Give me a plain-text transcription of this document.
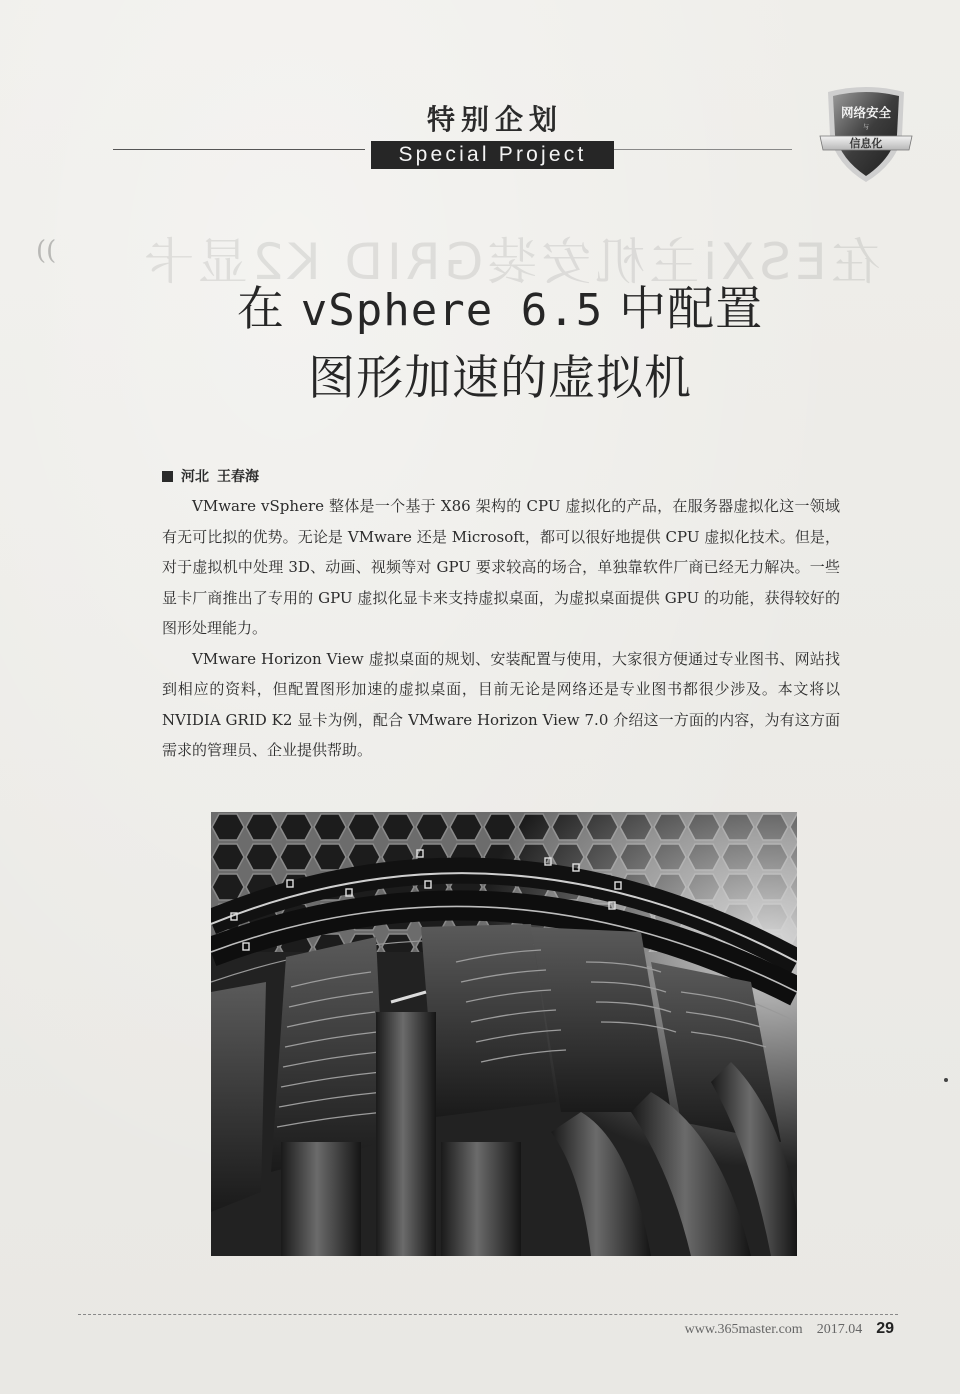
在ESXi主机安装GRID K2显卡
((
特别企划
Special Project
网络安全
与
信息化
在 vSphere 6.5 中配置
图形加速的虚拟机
河北 王春海

VMware vSphere 整体是一个基于 X86 架构的 CPU 虚拟化的产品，在服务器虚拟化这一领域有无可比拟的优势。无论是 VMware 还是 Microsoft，都可以很好地提供 CPU 虚拟化技术。但是，对于虚拟机中处理 3D、动画、视频等对 GPU 要求较高的场合，单独靠软件厂商已经无力解决。一些显卡厂商推出了专用的 GPU 虚拟化显卡来支持虚拟桌面，为虚拟桌面提供 GPU 的功能，获得较好的图形处理能力。

VMware Horizon View 虚拟桌面的规划、安装配置与使用，大家很方便通过专业图书、网站找到相应的资料，但配置图形加速的虚拟桌面，目前无论是网络还是专业图书都很少涉及。本文将以 NVIDIA GRID K2 显卡为例，配合 VMware Horizon View 7.0 介绍这一方面的内容，为有这方面需求的管理员、企业提供帮助。

www.365master.com 2017.04 29
